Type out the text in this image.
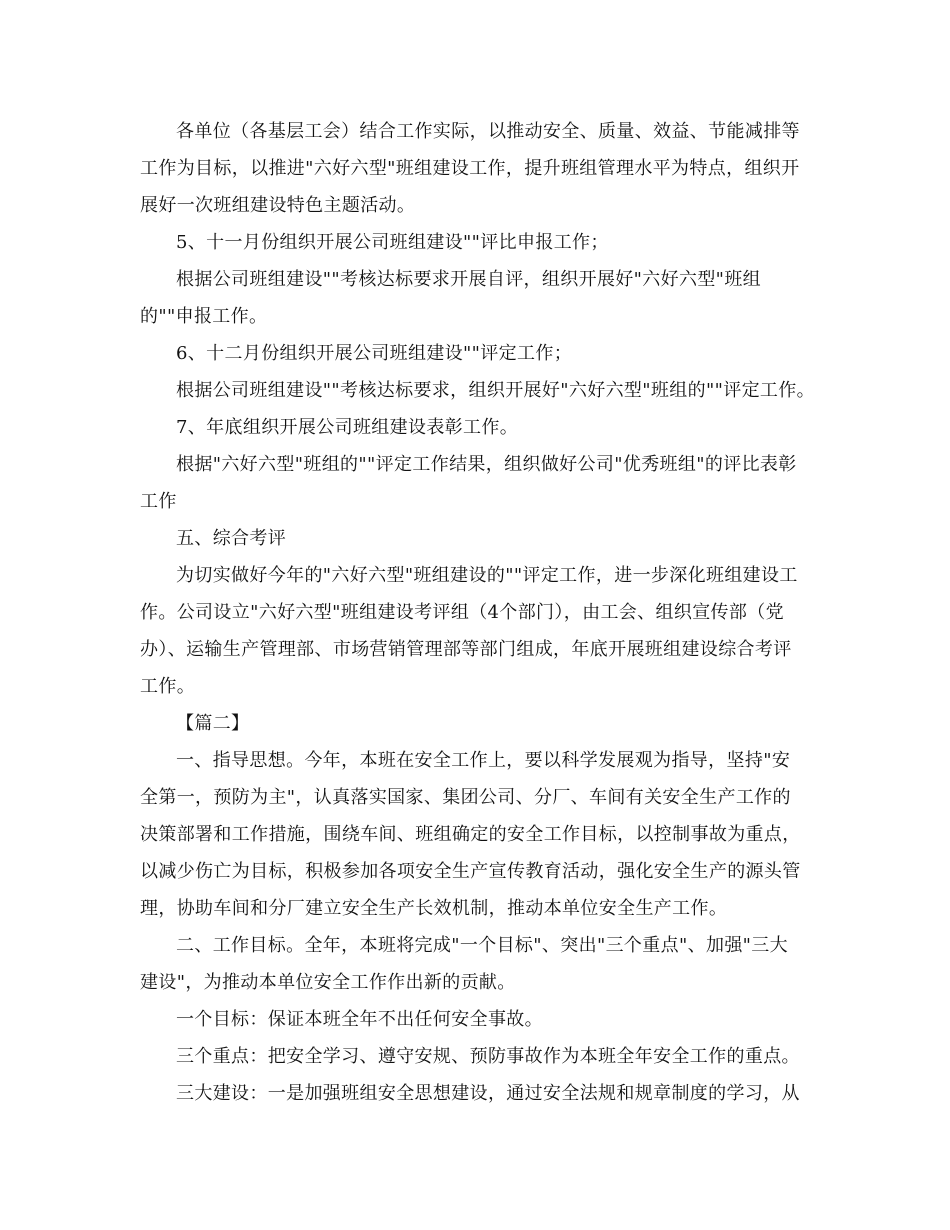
各单位（各基层工会）结合工作实际，以推动安全、质量、效益、节能减排等
工作为目标，以推进"六好六型"班组建设工作，提升班组管理水平为特点，组织开
展好一次班组建设特色主题活动。
5、十一月份组织开展公司班组建设""评比申报工作；
根据公司班组建设""考核达标要求开展自评，组织开展好"六好六型"班组
的""申报工作。
6、十二月份组织开展公司班组建设""评定工作；
根据公司班组建设""考核达标要求，组织开展好"六好六型"班组的""评定工作。
7、年底组织开展公司班组建设表彰工作。
根据"六好六型"班组的""评定工作结果，组织做好公司"优秀班组"的评比表彰
工作
五、综合考评
为切实做好今年的"六好六型"班组建设的""评定工作，进一步深化班组建设工
作。公司设立"六好六型"班组建设考评组（4个部门），由工会、组织宣传部（党
办）、运输生产管理部、市场营销管理部等部门组成，年底开展班组建设综合考评
工作。
【篇二】
一、指导思想。今年，本班在安全工作上，要以科学发展观为指导，坚持"安
全第一，预防为主"，认真落实国家、集团公司、分厂、车间有关安全生产工作的
决策部署和工作措施，围绕车间、班组确定的安全工作目标，以控制事故为重点，
以减少伤亡为目标，积极参加各项安全生产宣传教育活动，强化安全生产的源头管
理，协助车间和分厂建立安全生产长效机制，推动本单位安全生产工作。
二、工作目标。全年，本班将完成"一个目标"、突出"三个重点"、加强"三大
建设"，为推动本单位安全工作作出新的贡献。
一个目标：保证本班全年不出任何安全事故。
三个重点：把安全学习、遵守安规、预防事故作为本班全年安全工作的重点。
三大建设：一是加强班组安全思想建设，通过安全法规和规章制度的学习，从
